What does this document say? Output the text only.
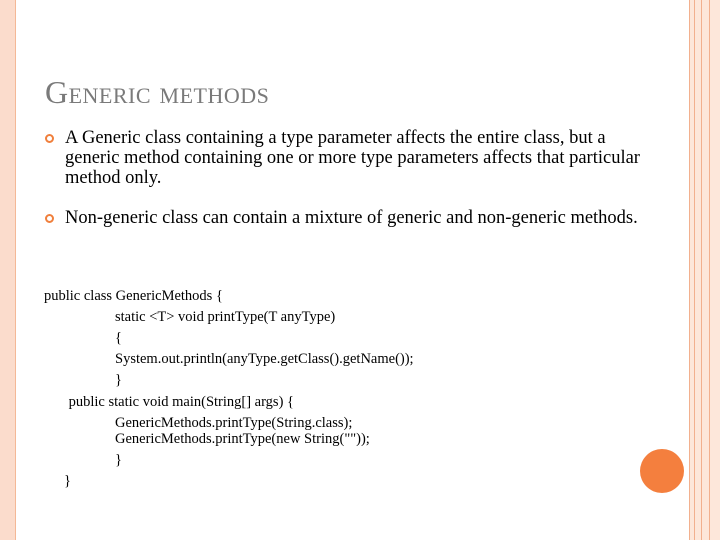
Generic methods
A Generic class containing a type parameter affects the entire class, but a generic method containing one or more type parameters affects that particular method only.
Non-generic class can contain a mixture of generic and non-generic methods.

public class GenericMethods {

static <T> void printType(T anyType)

{

System.out.println(anyType.getClass().getName());

}

public static void main(String[] args) {

GenericMethods.printType(String.class);

GenericMethods.printType(new String(""));

}

}
